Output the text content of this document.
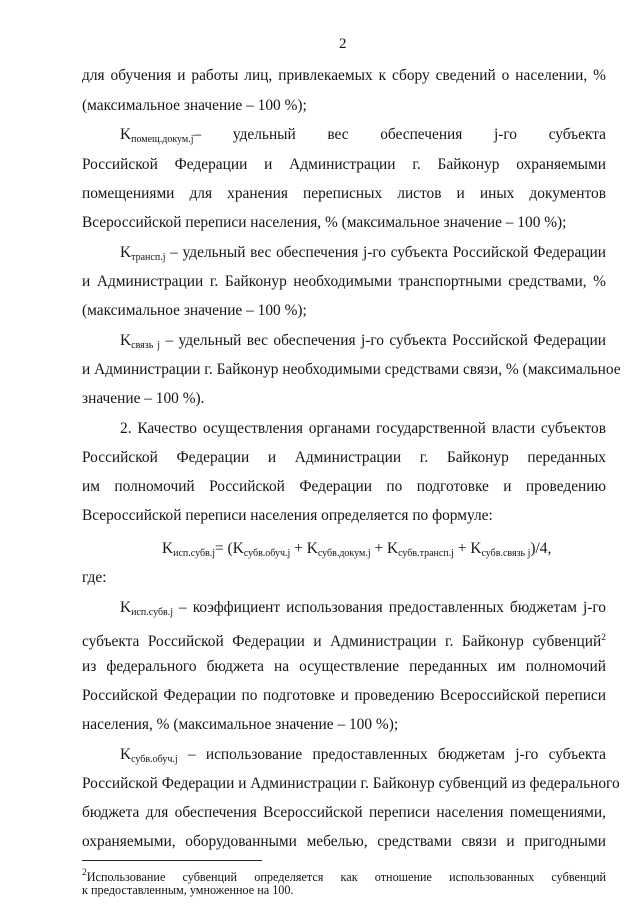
2
для обучения и работы лиц, привлекаемых к сбору сведений о населении, %
(максимальное значение – 100 %);
$K_{помещ.докум.j}-$ удельный вес обеспечения j-го субъекта
Российской Федерации и Администрации г. Байконур охраняемыми
помещениями для хранения переписных листов и иных документов
Всероссийской переписи населения, % (максимальное значение – 100 %);
$K_{трансп.j}$ – удельный вес обеспечения j-го субъекта Российской Федерации
и Администрации г. Байконур необходимыми транспортными средствами, %
(максимальное значение – 100 %);
$K_{связь j}$ – удельный вес обеспечения j-го субъекта Российской Федерации
и Администрации г. Байконур необходимыми средствами связи, % (максимальное
значение – 100 %).
2. Качество осуществления органами государственной власти субъектов
Российской Федерации и Администрации г. Байконур переданных
им полномочий Российской Федерации по подготовке и проведению
Всероссийской переписи населения определяется по формуле:
$K_{исп.субв.j}= (K_{субв.обуч.j} + K_{субв.докум.j} + K_{субв.трансп.j} + K_{субв.связь j})/4$,
где:
$K_{исп.субв.j}$ – коэффициент использования предоставленных бюджетам j-го
субъекта Российской Федерации и Администрации г. Байконур субвенций$^2$
из федерального бюджета на осуществление переданных им полномочий
Российской Федерации по подготовке и проведению Всероссийской переписи
населения, % (максимальное значение – 100 %);
$K_{субв.обуч.j}$ – использование предоставленных бюджетам j-го субъекта
Российской Федерации и Администрации г. Байконур субвенций из федерального
бюджета для обеспечения Всероссийской переписи населения помещениями,
охраняемыми, оборудованными мебелью, средствами связи и пригодными
$^2$Использование субвенций определяется как отношение использованных субвенций
к предоставленным, умноженное на 100.
